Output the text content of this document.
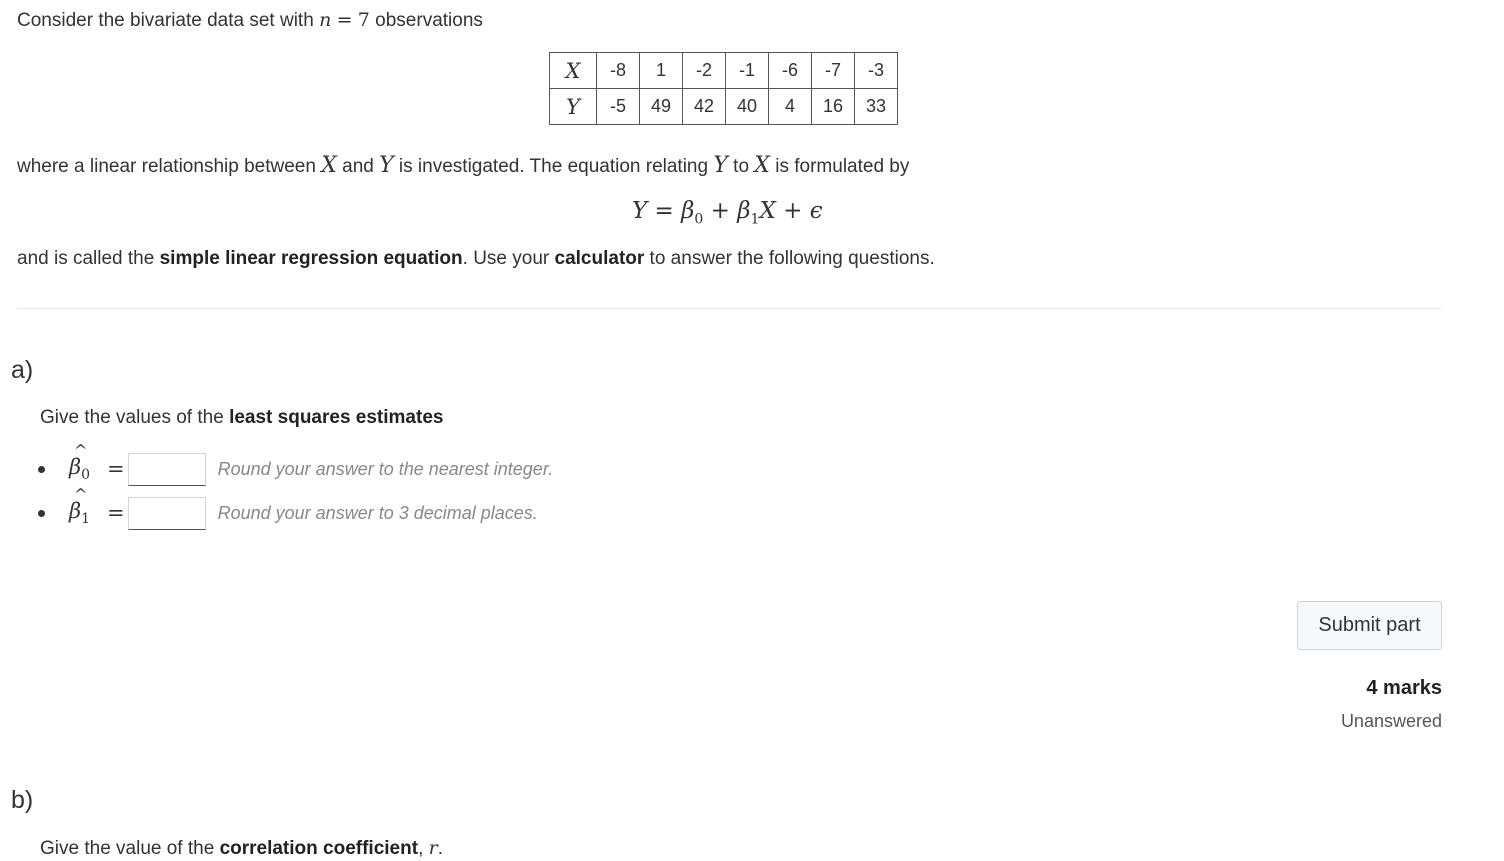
Consider the bivariate data set with n = 7 observations
X	-8	1	-2	-1	-6	-7	-3
Y	-5	49	42	40	4	16	33
where a linear relationship between X and Y is investigated. The equation relating Y to X is formulated by
$Y = \beta_0 + \beta_1X + \epsilon$
and is called the simple linear regression equation. Use your calculator to answer the following questions.
a)
Give the values of the least squares estimates
^
$\beta_0$ =	Round your answer to the nearest integer.
^
$\beta_1$ =	Round your answer to 3 decimal places.
Submit part
4 marks
Unanswered
b)
Give the value of the correlation coefficient, r.
